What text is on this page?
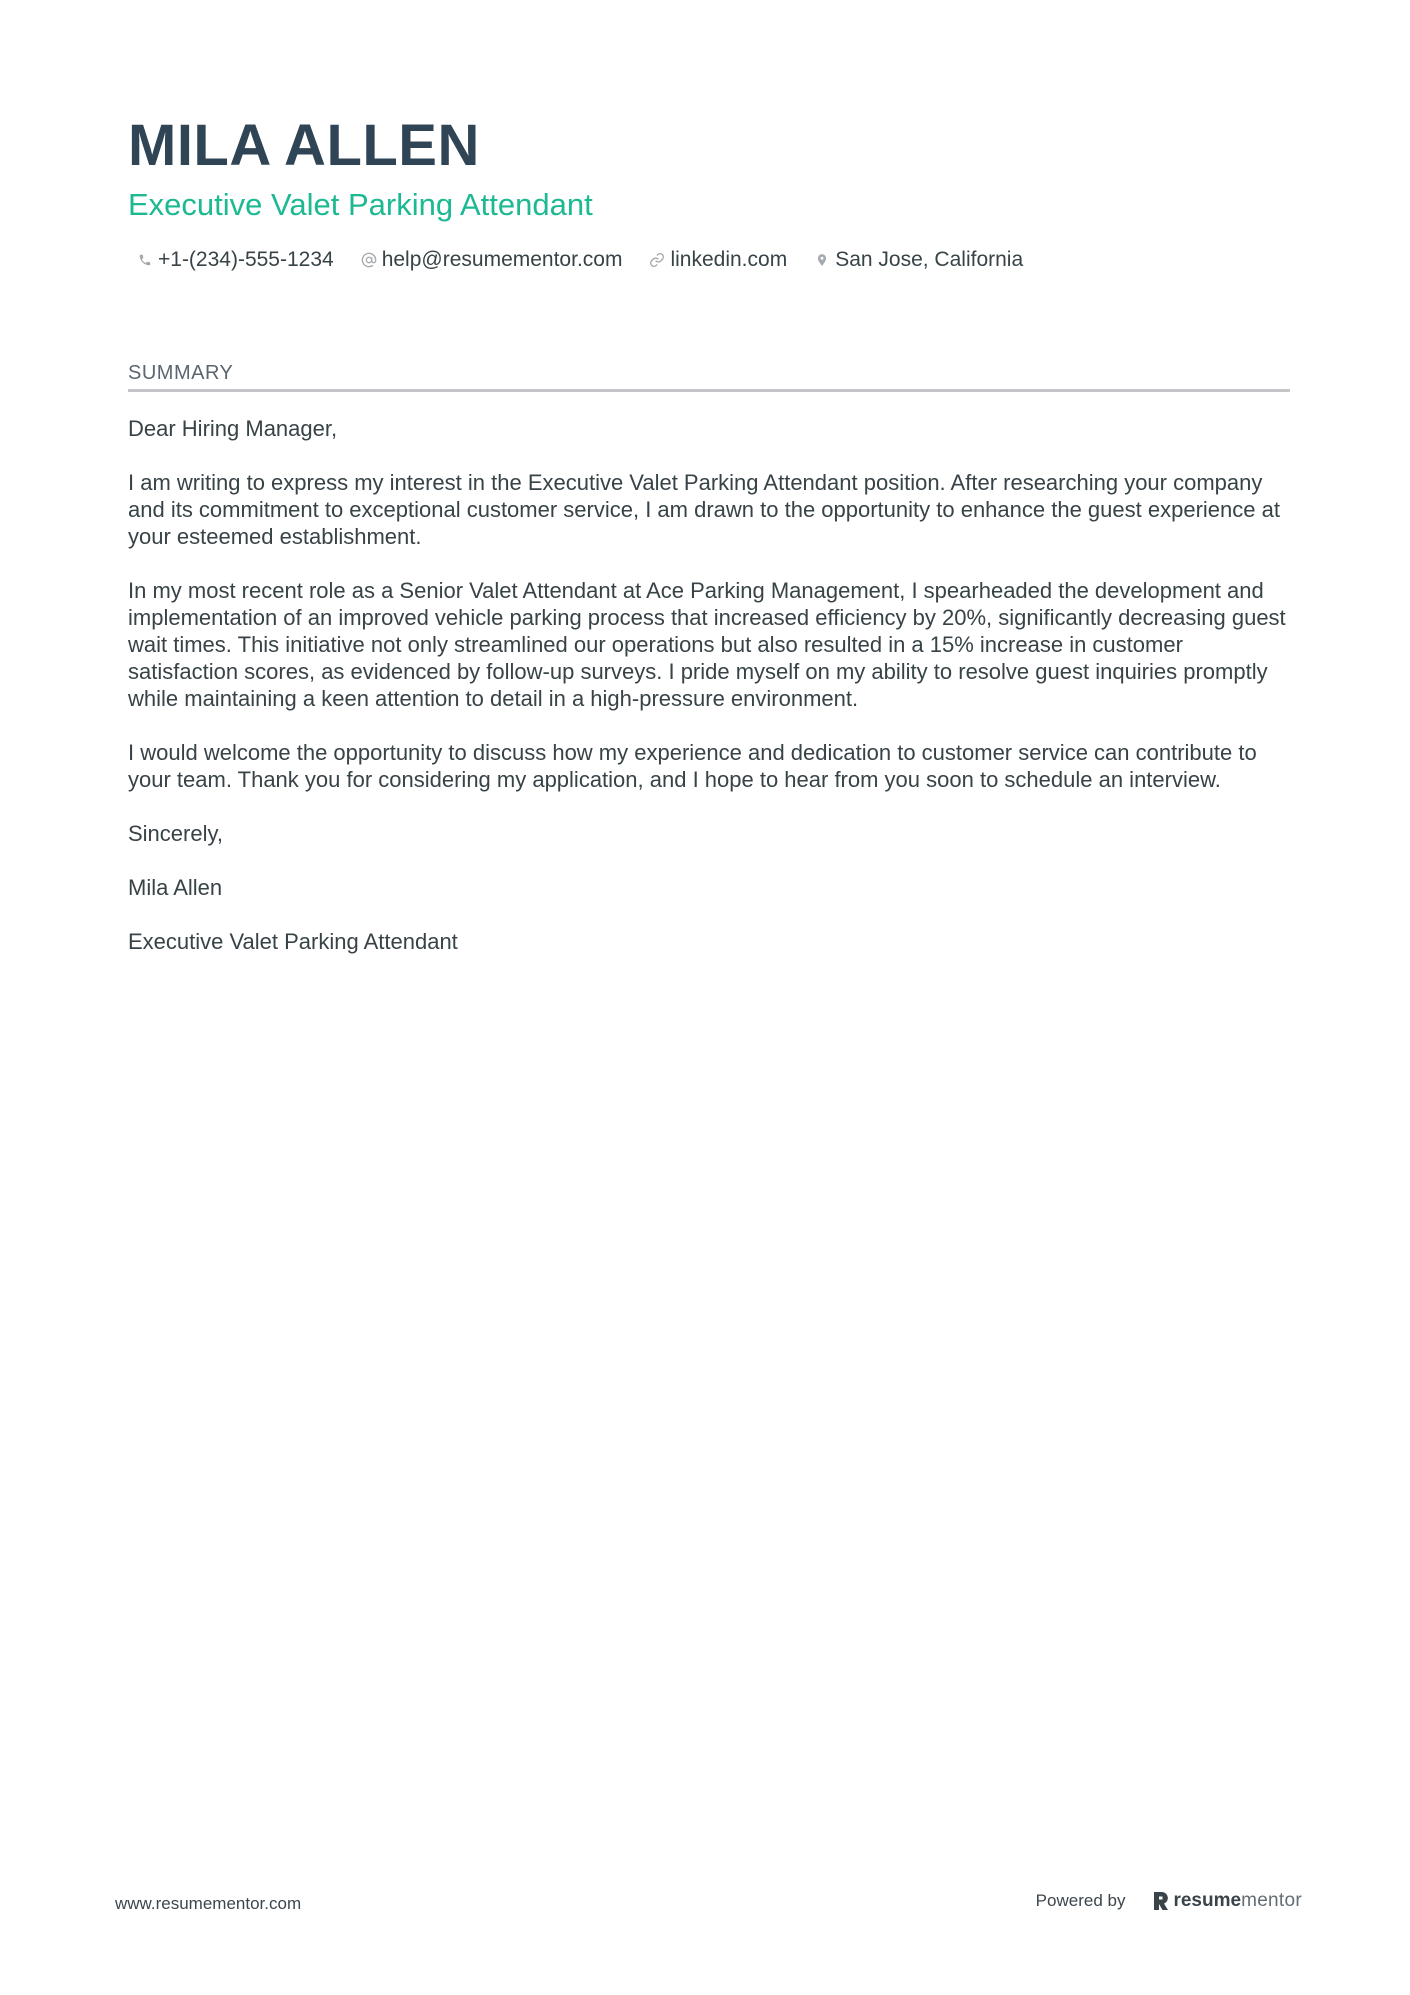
MILA ALLEN
Executive Valet Parking Attendant
+1-(234)-555-1234 help@resumementor.com linkedin.com San Jose, California
SUMMARY

Dear Hiring Manager,

I am writing to express my interest in the Executive Valet Parking Attendant position. After researching your company and its commitment to exceptional customer service, I am drawn to the opportunity to enhance the guest experience at your esteemed establishment.

In my most recent role as a Senior Valet Attendant at Ace Parking Management, I spearheaded the development and implementation of an improved vehicle parking process that increased efficiency by 20%, significantly decreasing guest wait times. This initiative not only streamlined our operations but also resulted in a 15% increase in customer satisfaction scores, as evidenced by follow-up surveys. I pride myself on my ability to resolve guest inquiries promptly while maintaining a keen attention to detail in a high-pressure environment.

I would welcome the opportunity to discuss how my experience and dedication to customer service can contribute to your team. Thank you for considering my application, and I hope to hear from you soon to schedule an interview.

Sincerely,

Mila Allen

Executive Valet Parking Attendant

www.resumementor.com	Powered by	resume mentor
